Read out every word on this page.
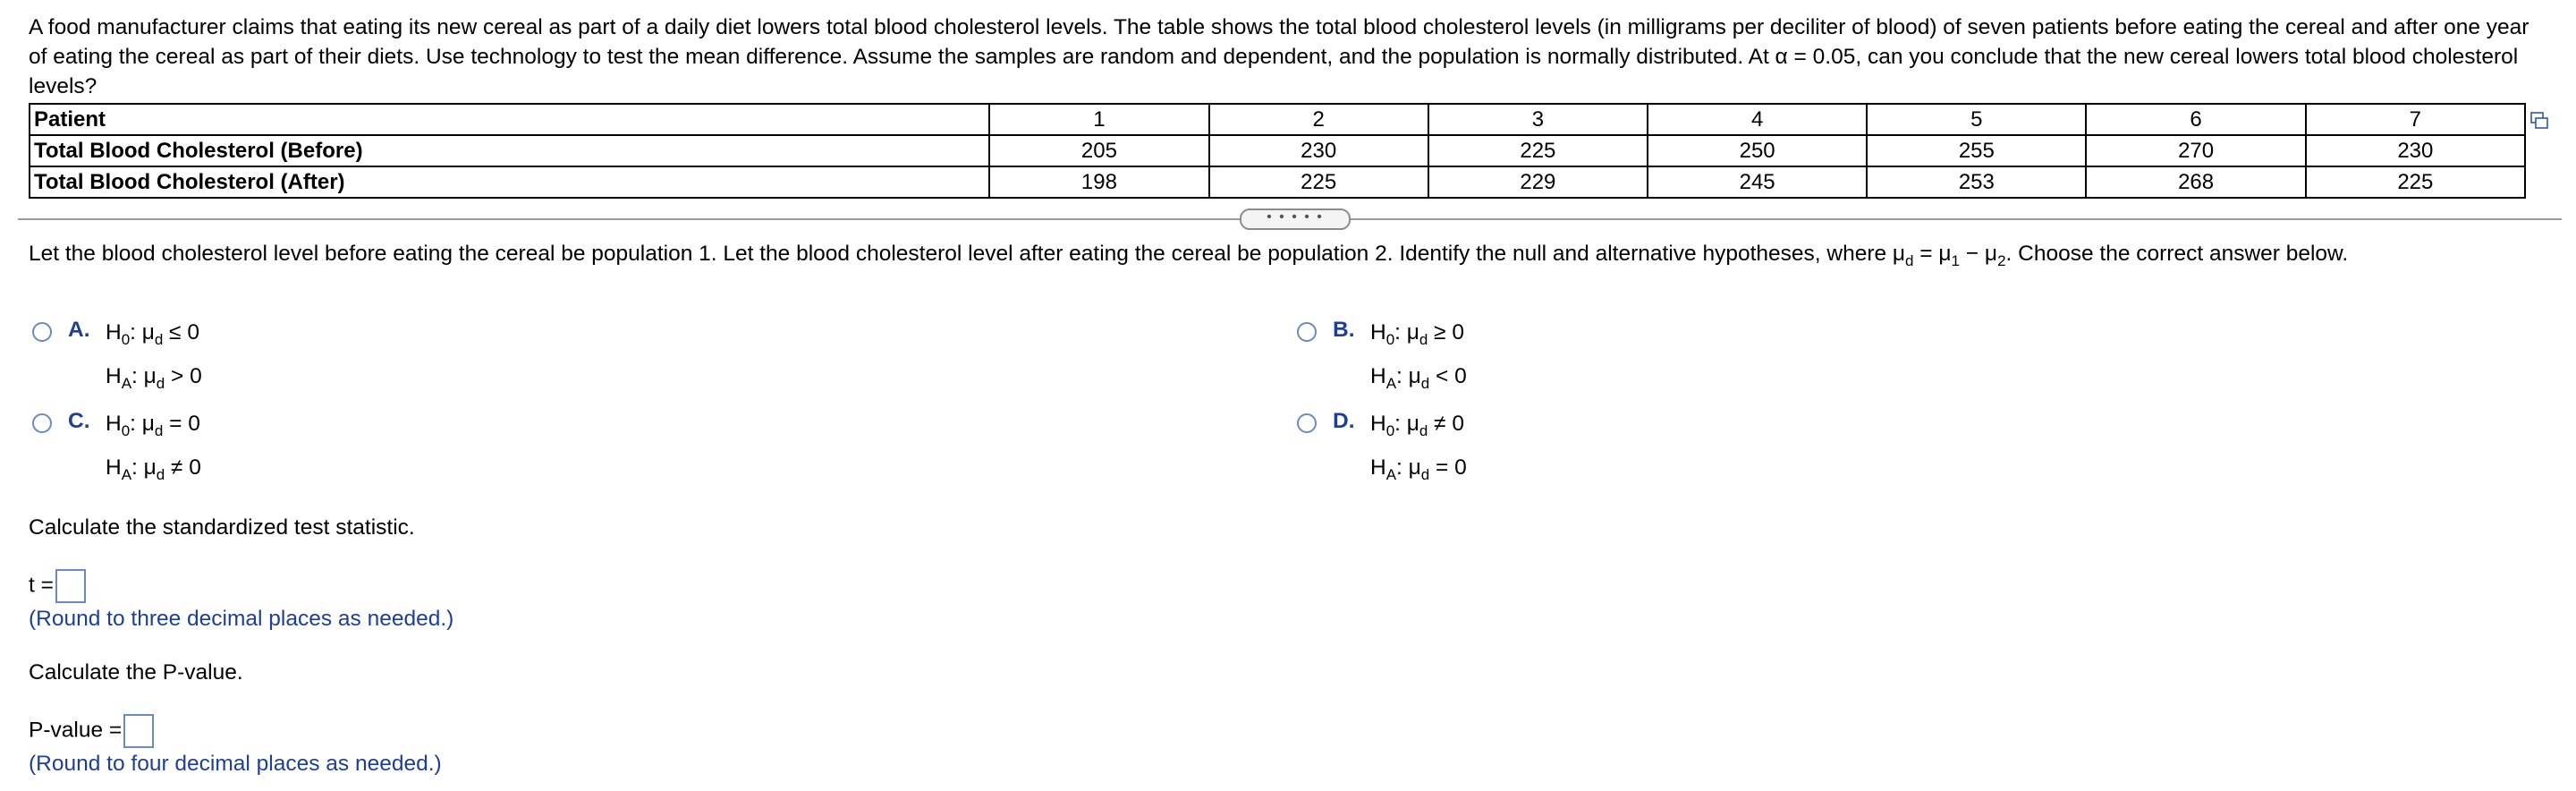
A food manufacturer claims that eating its new cereal as part of a daily diet lowers total blood cholesterol levels. The table shows the total blood cholesterol levels (in milligrams per deciliter of blood) of seven patients before eating the cereal and after one year of eating the cereal as part of their diets. Use technology to test the mean difference. Assume the samples are random and dependent, and the population is normally distributed. At α = 0.05, can you conclude that the new cereal lowers total blood cholesterol levels?
Patient	1	2	3	4	5	6	7
Total Blood Cholesterol (Before)	205	230	225	250	255	270	230
Total Blood Cholesterol (After)	198	225	229	245	253	268	225
• • • • •
Let the blood cholesterol level before eating the cereal be population 1. Let the blood cholesterol level after eating the cereal be population 2. Identify the null and alternative hypotheses, where $\mu_d = \mu_1 - \mu_2$. Choose the correct answer below.
A. $H_0$: $\mu_d \le 0$
$H_A$: $\mu_d > 0$
B. $H_0$: $\mu_d \ge 0$
$H_A$: $\mu_d < 0$
C. $H_0$: $\mu_d = 0$
$H_A$: $\mu_d \ne 0$
D. $H_0$: $\mu_d \ne 0$
$H_A$: $\mu_d = 0$
Calculate the standardized test statistic.
t =
(Round to three decimal places as needed.)
Calculate the P-value.
P-value =
(Round to four decimal places as needed.)
